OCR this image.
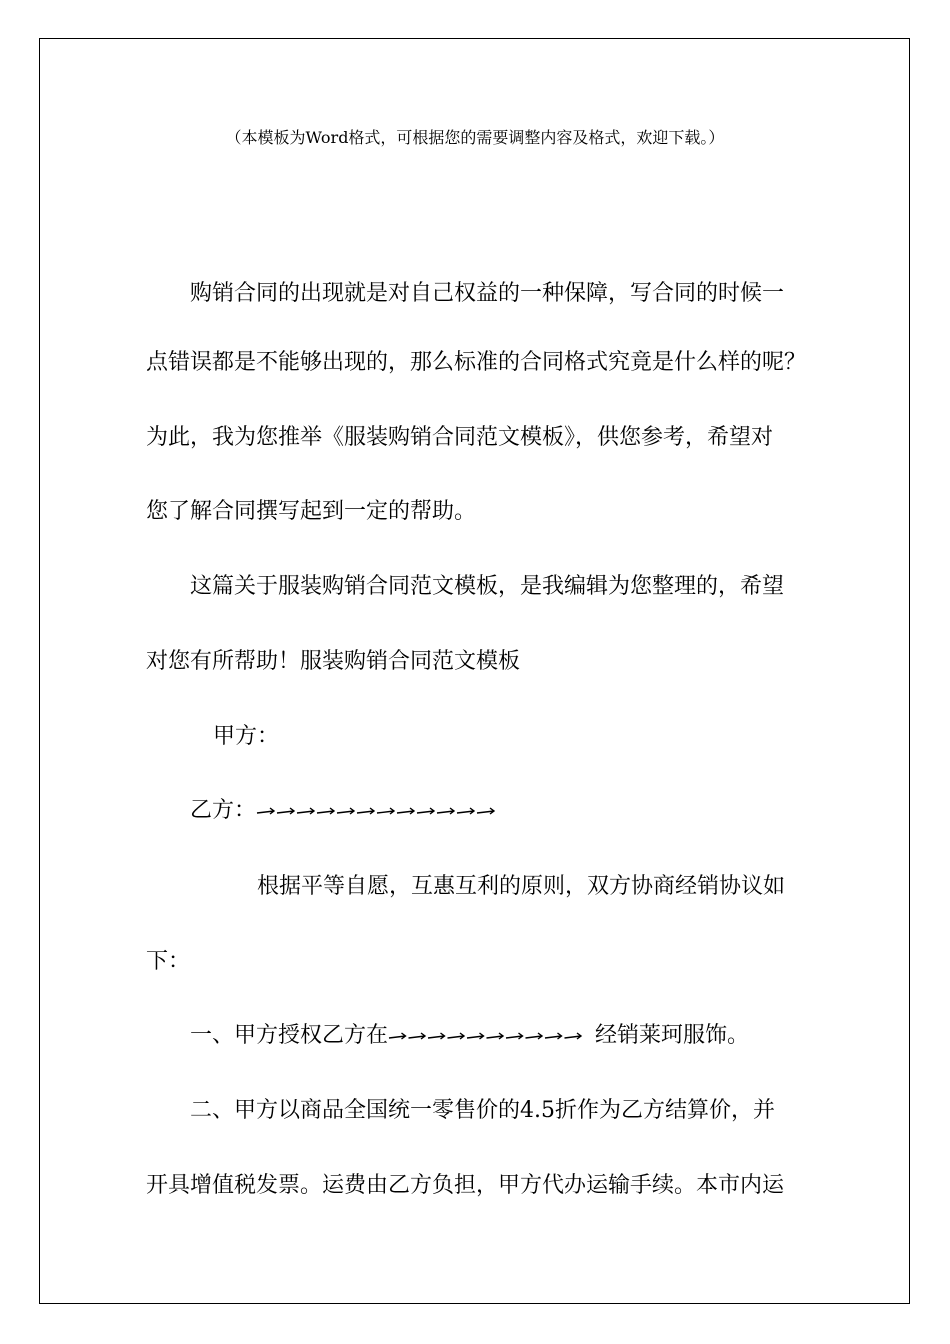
（本模板为Word格式，可根据您的需要调整内容及格式，欢迎下载。）
购销合同的出现就是对自己权益的一种保障，写合同的时候一
点错误都是不能够出现的，那么标准的合同格式究竟是什么样的呢？
为此，我为您推举《服装购销合同范文模板》，供您参考，希望对
您了解合同撰写起到一定的帮助。
这篇关于服装购销合同范文模板，是我编辑为您整理的，希望
对您有所帮助！服装购销合同范文模板
甲方：
乙方：
根据平等自愿，互惠互利的原则，双方协商经销协议如
下：
一、甲方授权乙方在	经销莱珂服饰。
二、甲方以商品全国统一零售价的4.5折作为乙方结算价，并
开具增值税发票。运费由乙方负担，甲方代办运输手续。本市内运
